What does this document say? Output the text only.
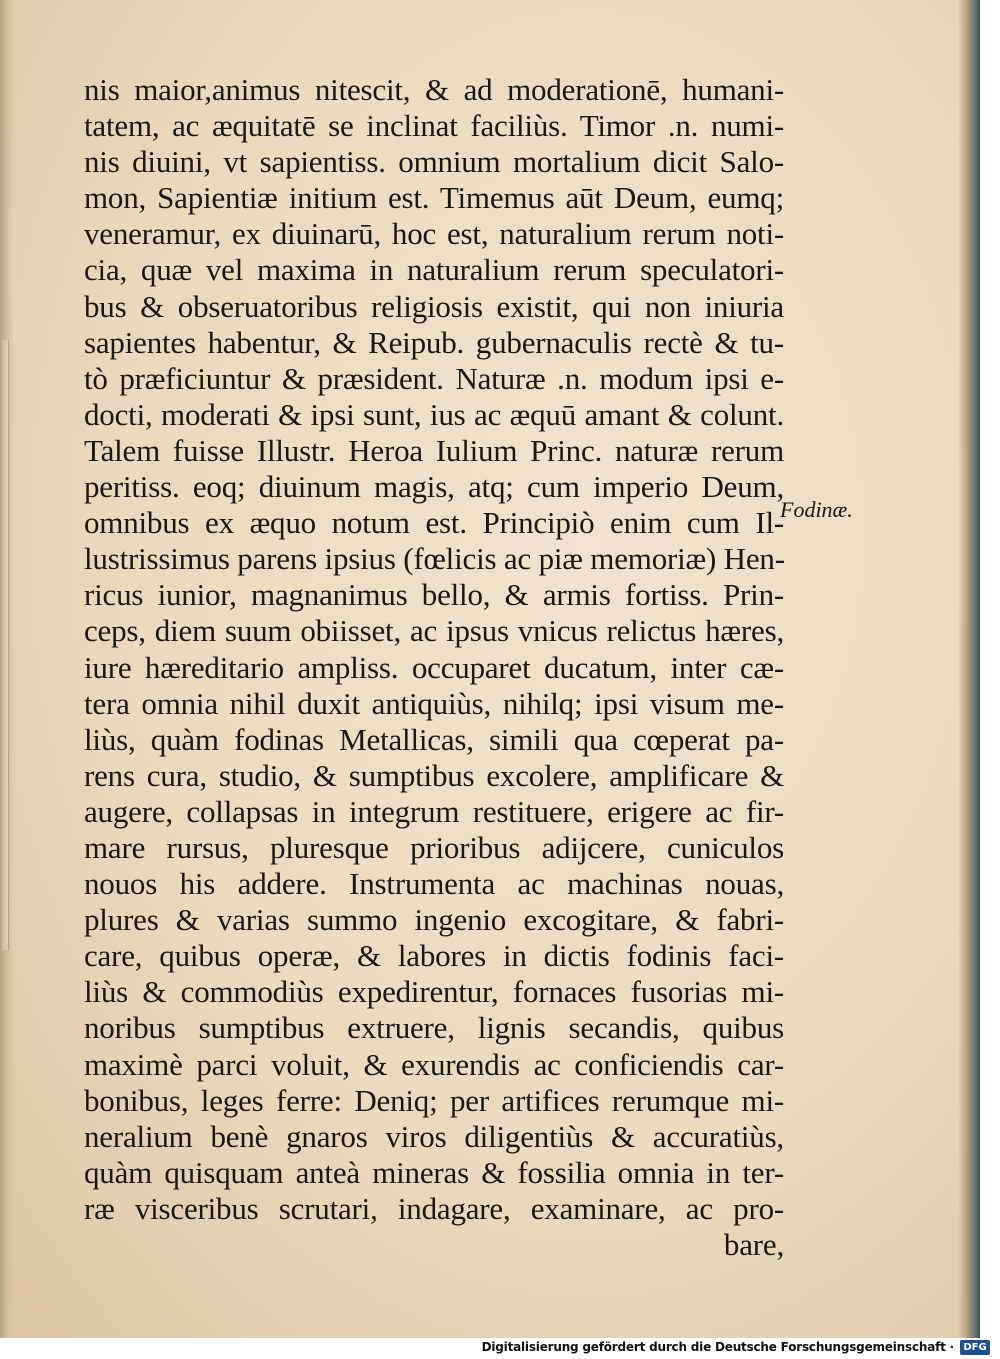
nis maior,animus nitescit, & ad moderationē, humani-
tatem, ac æquitatē se inclinat faciliùs. Timor .n. numi-
nis diuini, vt sapientiss. omnium mortalium dicit Salo-
mon, Sapientiæ initium est. Timemus aūt Deum, eumq;
veneramur, ex diuinarū, hoc est, naturalium rerum noti-
cia, quæ vel maxima in naturalium rerum speculatori-
bus & obseruatoribus religiosis existit, qui non iniuria
sapientes habentur, & Reipub. gubernaculis rectè & tu-
tò præficiuntur & præsident. Naturæ .n. modum ipsi e-
docti, moderati & ipsi sunt, ius ac æquū amant & colunt.
Talem fuisse Illustr. Heroa Iulium Princ. naturæ rerum
peritiss. eoq; diuinum magis, atq; cum imperio Deum,
omnibus ex æquo notum est. Principiò enim cum Il-
lustrissimus parens ipsius (fœlicis ac piæ memoriæ) Hen-
ricus iunior, magnanimus bello, & armis fortiss. Prin-
ceps, diem suum obiisset, ac ipsus vnicus relictus hæres,
iure hæreditario ampliss. occuparet ducatum, inter cæ-
tera omnia nihil duxit antiquiùs, nihilq; ipsi visum me-
liùs, quàm fodinas Metallicas, simili qua cœperat pa-
rens cura, studio, & sumptibus excolere, amplificare &
augere, collapsas in integrum restituere, erigere ac fir-
mare rursus, pluresque prioribus adijcere, cuniculos
nouos his addere. Instrumenta ac machinas nouas,
plures & varias summo ingenio excogitare, & fabri-
care, quibus operæ, & labores in dictis fodinis faci-
liùs & commodiùs expedirentur, fornaces fusorias mi-
noribus sumptibus extruere, lignis secandis, quibus
maximè parci voluit, & exurendis ac conficiendis car-
bonibus, leges ferre: Deniq; per artifices rerumque mi-
neralium benè gnaros viros diligentiùs & accuratiùs,
quàm quisquam anteà mineras & fossilia omnia in ter-
ræ visceribus scrutari, indagare, examinare, ac pro-
bare,
Fodinæ.
Digitalisierung gefördert durch die Deutsche Forschungsgemeinschaft · DFG
